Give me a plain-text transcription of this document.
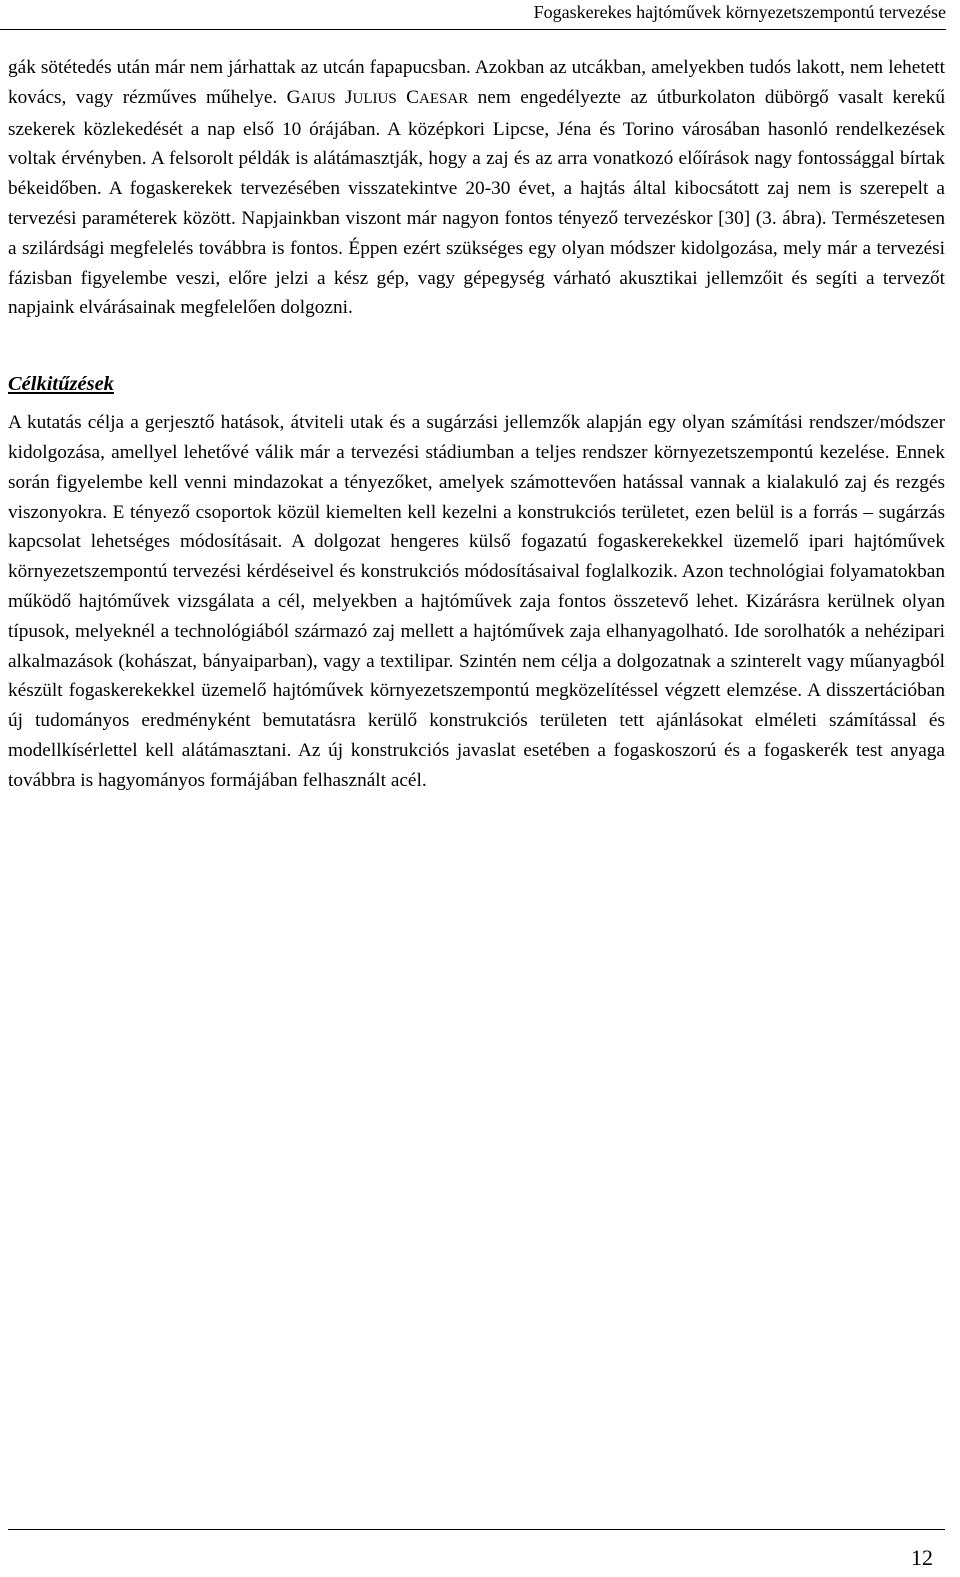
Fogaskerekes hajtóművek környezetszempontú tervezése

gák sötétedés után már nem járhattak az utcán fapapucsban. Azokban az utcákban, amelyekben tudós lakott, nem lehetett kovács, vagy rézműves műhelye. GAIUS JULIUS CAESAR nem engedélyezte az útburkolaton dübörgő vasalt kerekű szekerek közlekedését a nap első 10 órájában. A középkori Lipcse, Jéna és Torino városában hasonló rendelkezések voltak érvényben. A felsorolt példák is alátámasztják, hogy a zaj és az arra vonatkozó előírások nagy fontossággal bírtak békeidőben. A fogaskerekek tervezésében visszatekintve 20-30 évet, a hajtás által kibocsátott zaj nem is szerepelt a tervezési paraméterek között. Napjainkban viszont már nagyon fontos tényező tervezéskor [30] (3. ábra). Természetesen a szilárdsági megfelelés továbbra is fontos. Éppen ezért szükséges egy olyan módszer kidolgozása, mely már a tervezési fázisban figyelembe veszi, előre jelzi a kész gép, vagy gépegység várható akusztikai jellemzőit és segíti a tervezőt napjaink elvárásainak megfelelően dolgozni.

Célkitűzések

A kutatás célja a gerjesztő hatások, átviteli utak és a sugárzási jellemzők alapján egy olyan számítási rendszer/módszer kidolgozása, amellyel lehetővé válik már a tervezési stádiumban a teljes rendszer környezetszempontú kezelése. Ennek során figyelembe kell venni mindazokat a tényezőket, amelyek számottevően hatással vannak a kialakuló zaj és rezgés viszonyokra. E tényező csoportok közül kiemelten kell kezelni a konstrukciós területet, ezen belül is a forrás – sugárzás kapcsolat lehetséges módosításait. A dolgozat hengeres külső fogazatú fogaskerekekkel üzemelő ipari hajtóművek környezetszempontú tervezési kérdéseivel és konstrukciós módosításaival foglalkozik. Azon technológiai folyamatokban működő hajtóművek vizsgálata a cél, melyekben a hajtóművek zaja fontos összetevő lehet. Kizárásra kerülnek olyan típusok, melyeknél a technológiából származó zaj mellett a hajtóművek zaja elhanyagolható. Ide sorolhatók a nehézipari alkalmazások (kohászat, bányaiparban), vagy a textilipar. Szintén nem célja a dolgozatnak a szinterelt vagy műanyagból készült fogaskerekekkel üzemelő hajtóművek környezetszempontú megközelítéssel végzett elemzése. A disszertációban új tudományos eredményként bemutatásra kerülő konstrukciós területen tett ajánlásokat elméleti számítással és modellkísérlettel kell alátámasztani. Az új konstrukciós javaslat esetében a fogaskoszorú és a fogaskerék test anyaga továbbra is hagyományos formájában felhasznált acél.

12
